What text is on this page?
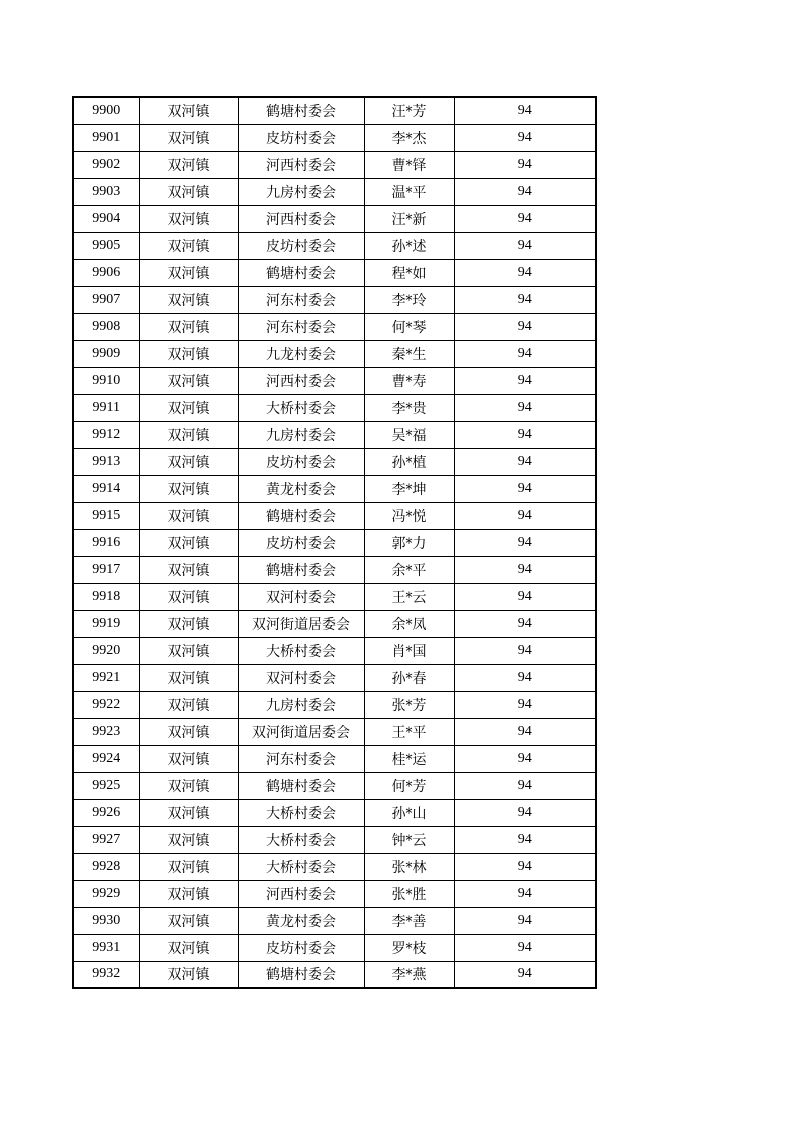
9900	双河镇	鹤塘村委会	汪*芳	94
9901	双河镇	皮坊村委会	李*杰	94
9902	双河镇	河西村委会	曹*铎	94
9903	双河镇	九房村委会	温*平	94
9904	双河镇	河西村委会	汪*新	94
9905	双河镇	皮坊村委会	孙*述	94
9906	双河镇	鹤塘村委会	程*如	94
9907	双河镇	河东村委会	李*玲	94
9908	双河镇	河东村委会	何*琴	94
9909	双河镇	九龙村委会	秦*生	94
9910	双河镇	河西村委会	曹*寿	94
9911	双河镇	大桥村委会	李*贵	94
9912	双河镇	九房村委会	吴*福	94
9913	双河镇	皮坊村委会	孙*植	94
9914	双河镇	黄龙村委会	李*坤	94
9915	双河镇	鹤塘村委会	冯*悦	94
9916	双河镇	皮坊村委会	郭*力	94
9917	双河镇	鹤塘村委会	余*平	94
9918	双河镇	双河村委会	王*云	94
9919	双河镇	双河街道居委会	余*凤	94
9920	双河镇	大桥村委会	肖*国	94
9921	双河镇	双河村委会	孙*春	94
9922	双河镇	九房村委会	张*芳	94
9923	双河镇	双河街道居委会	王*平	94
9924	双河镇	河东村委会	桂*运	94
9925	双河镇	鹤塘村委会	何*芳	94
9926	双河镇	大桥村委会	孙*山	94
9927	双河镇	大桥村委会	钟*云	94
9928	双河镇	大桥村委会	张*林	94
9929	双河镇	河西村委会	张*胜	94
9930	双河镇	黄龙村委会	李*善	94
9931	双河镇	皮坊村委会	罗*枝	94
9932	双河镇	鹤塘村委会	李*燕	94
